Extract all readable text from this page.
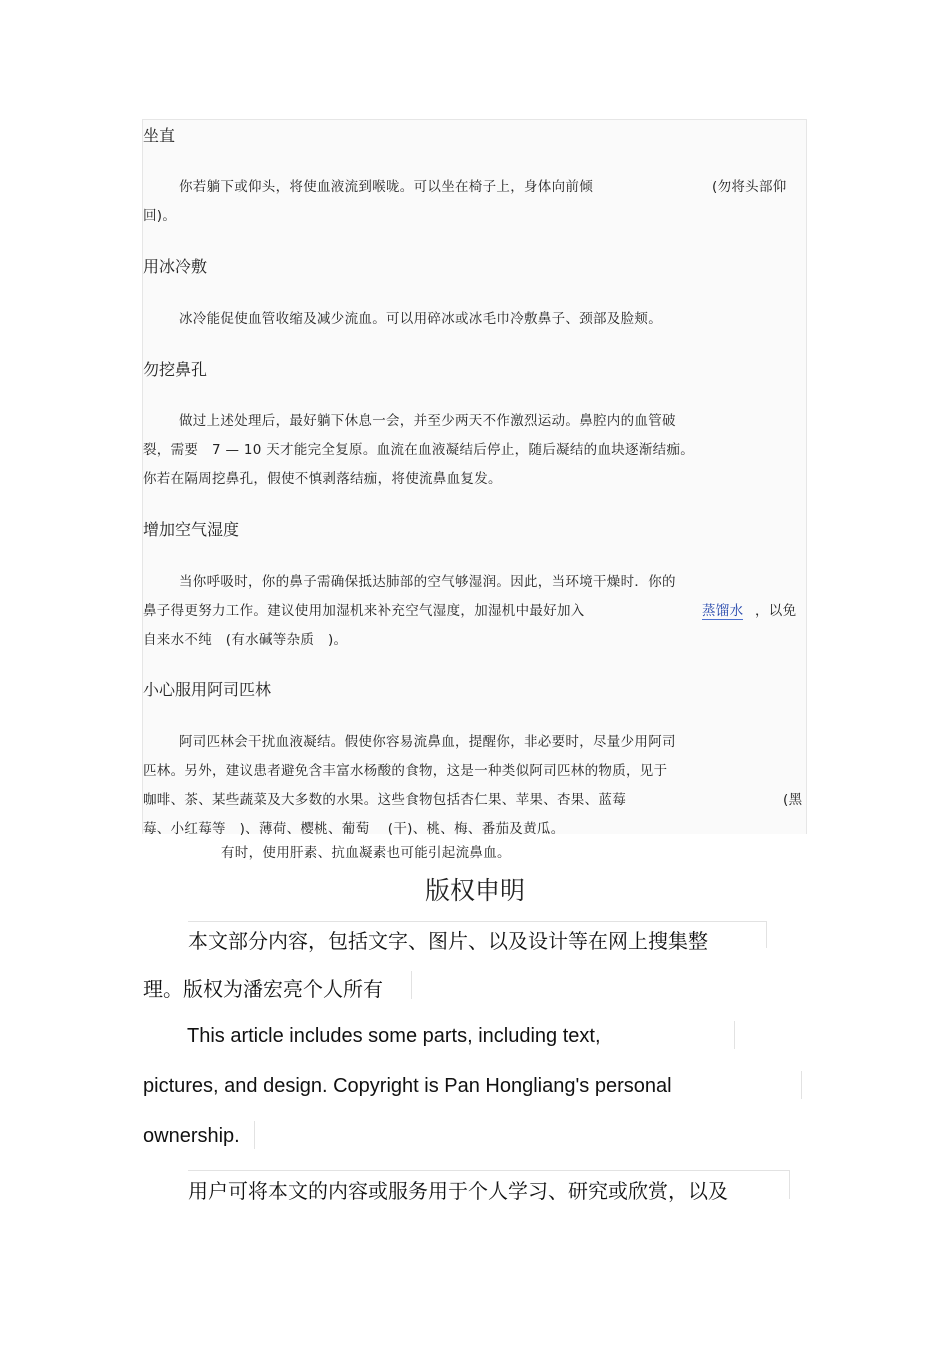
坐直
你若躺下或仰头，将使血液流到喉咙。可以坐在椅子上，身体向前倾	(勿将头部仰
回)。
用冰冷敷
冰冷能促使血管收缩及减少流血。可以用碎冰或冰毛巾冷敷鼻子、颈部及脸颊。
勿挖鼻孔
做过上述处理后，最好躺下休息一会，并至少两天不作激烈运动。鼻腔内的血管破
裂，需要　7 — 10 天才能完全复原。血流在血液凝结后停止，随后凝结的血块逐渐结痂。
你若在隔周挖鼻孔，假使不慎剥落结痂，将使流鼻血复发。
增加空气湿度
当你呼吸时，你的鼻子需确保抵达肺部的空气够湿润。因此，当环境干燥时．你的
鼻子得更努力工作。建议使用加湿机来补充空气湿度，加湿机中最好加入	蒸馏水 ，以免
自来水不纯　(有水碱等杂质　)。
小心服用阿司匹林
阿司匹林会干扰血液凝结。假使你容易流鼻血，提醒你，非必要时，尽量少用阿司
匹林。另外，建议患者避免含丰富水杨酸的食物，这是一种类似阿司匹林的物质，见于
咖啡、茶、某些蔬菜及大多数的水果。这些食物包括杏仁果、苹果、杏果、蓝莓	(黑
莓、小红莓等　)、薄荷、樱桃、葡萄　 (干)、桃、梅、番茄及黄瓜。
有时，使用肝素、抗血凝素也可能引起流鼻血。
版权申明
本文部分内容，包括文字、图片、以及设计等在网上搜集整
理。版权为潘宏亮个人所有
This article includes some parts, including text,
pictures, and design. Copyright is Pan Hongliang's personal
ownership.
用户可将本文的内容或服务用于个人学习、研究或欣赏，以及
